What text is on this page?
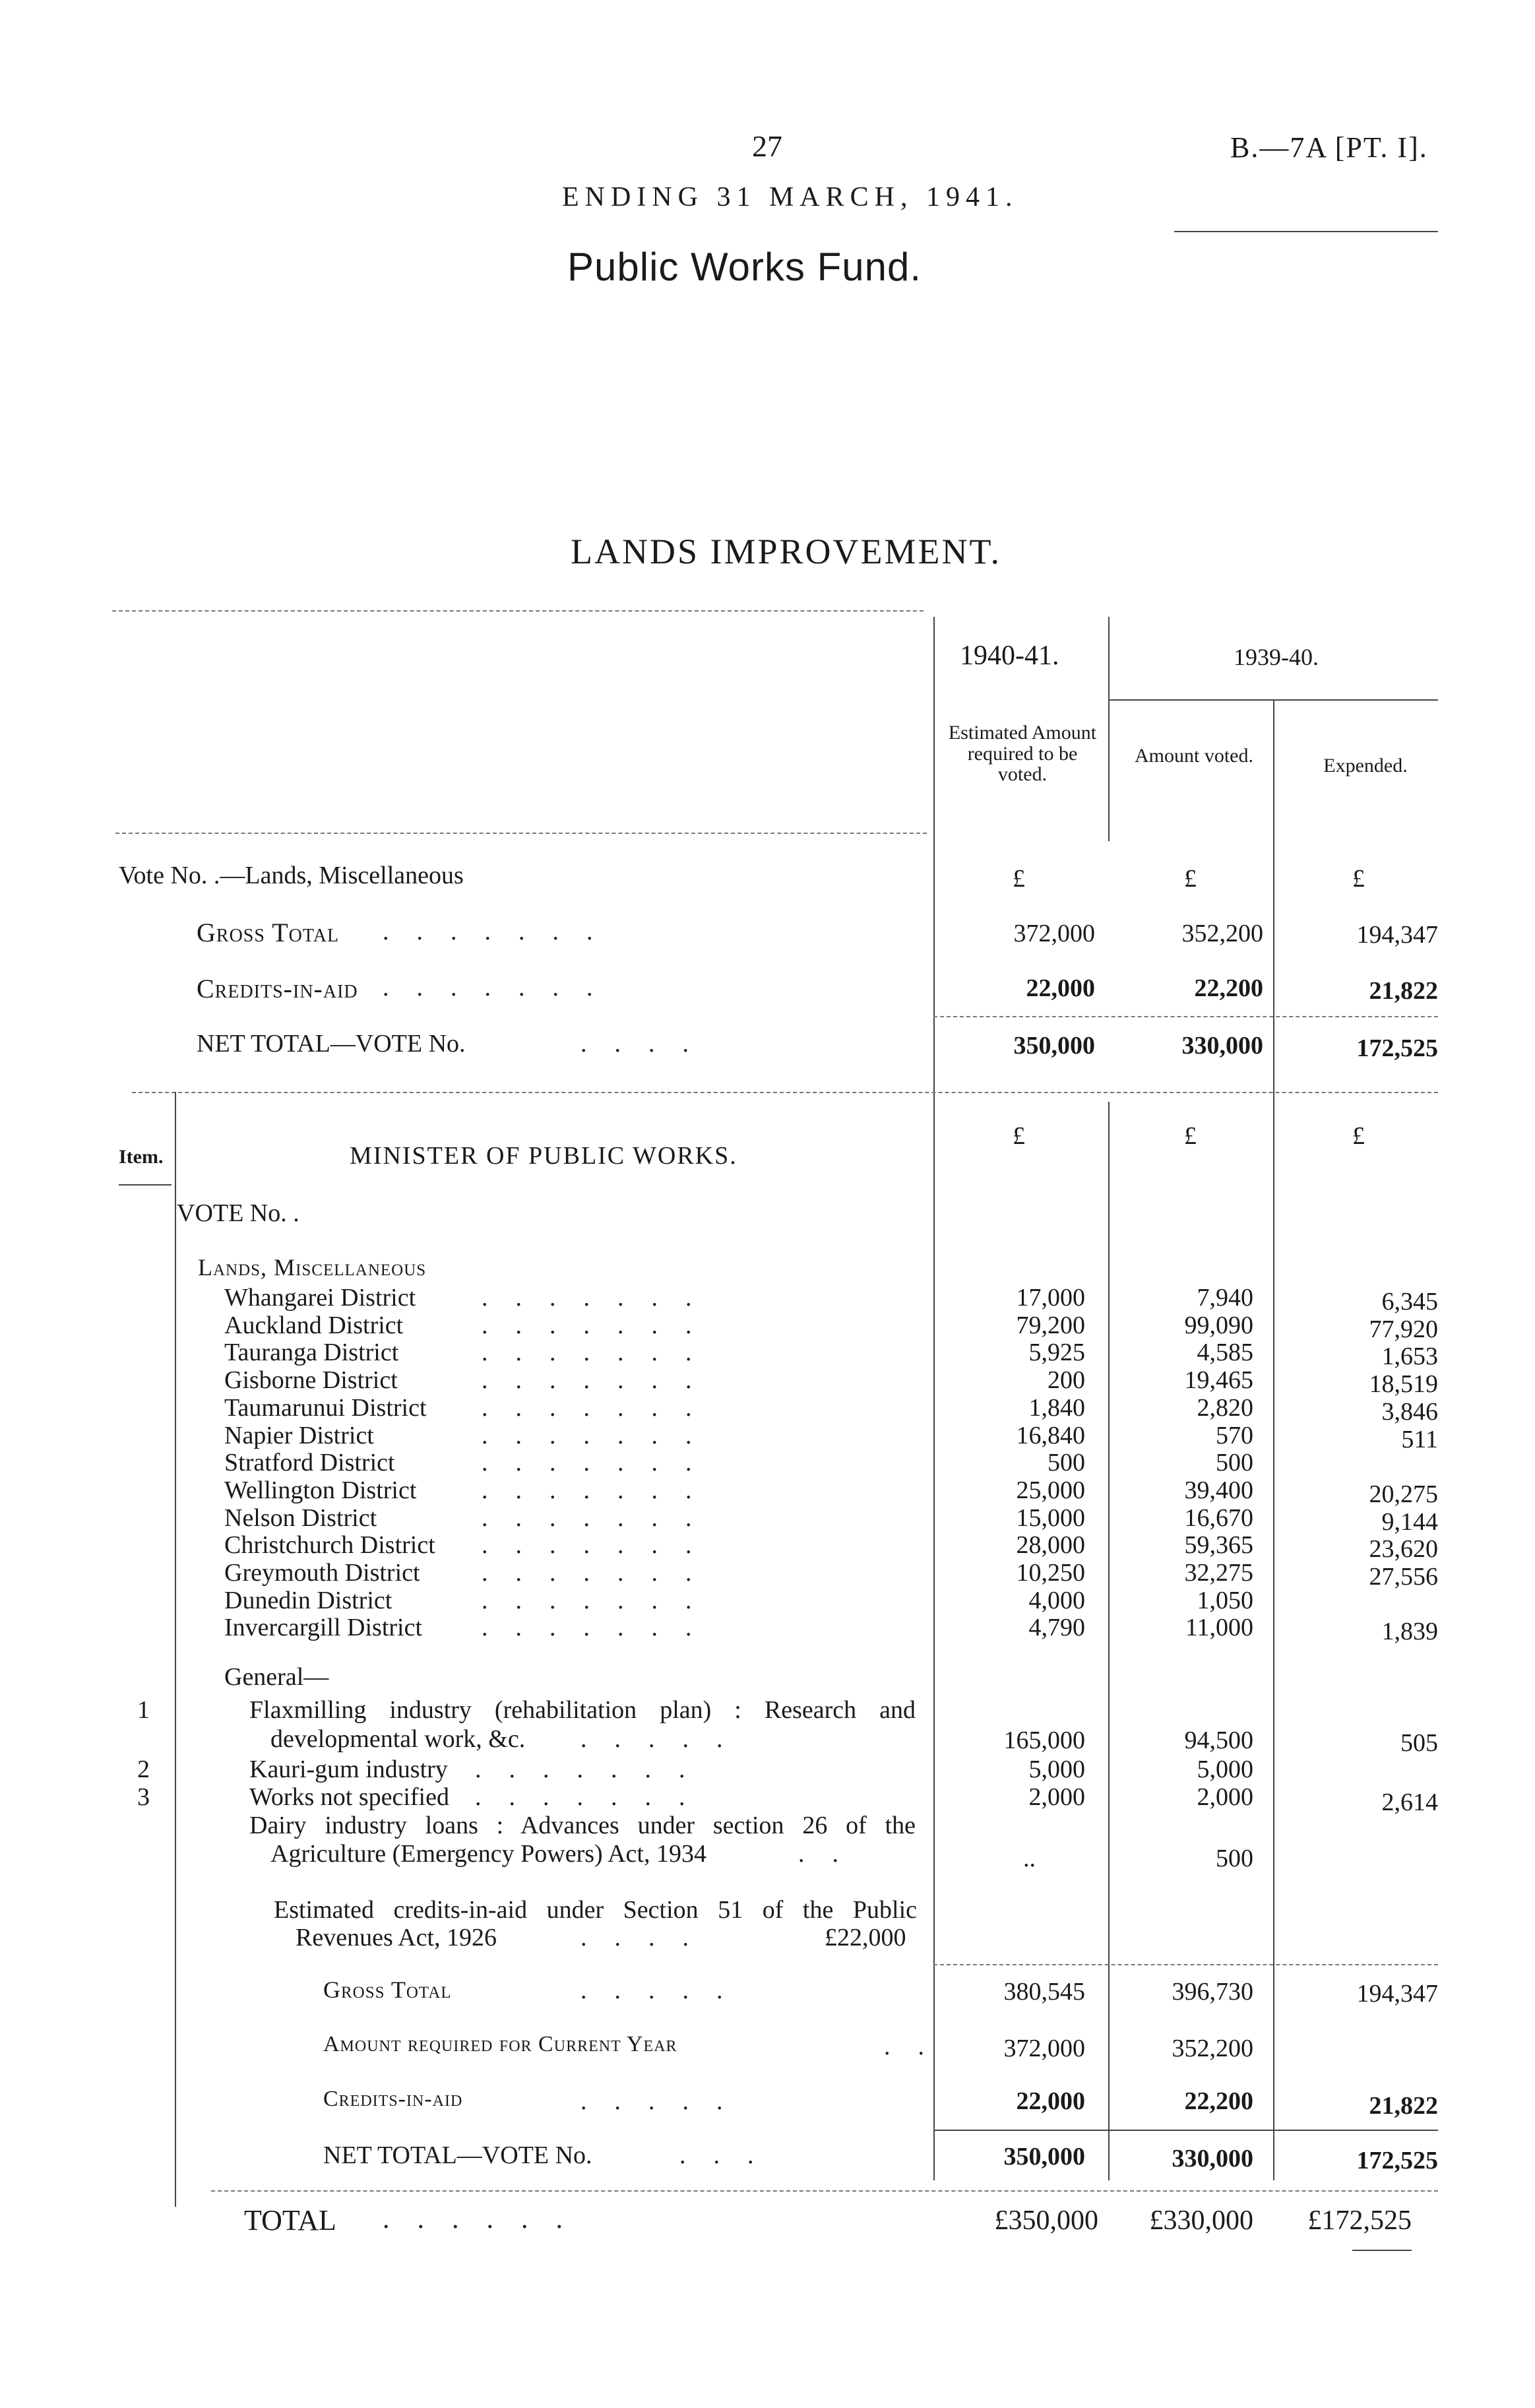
27	B.—7A [PT. I].
ENDING 31 MARCH, 1941.
Public Works Fund.
LANDS IMPROVEMENT.
1940-41.	1939-40.
Estimated Amount required to be voted.
Amount voted.	Expended.
Vote No. .—Lands, Miscellaneous	£	£	£
Gross Total .......	372,000	352,200	194,347
Credits-in-aid .......	22,000	22,200	21,822
NET TOTAL—VOTE No.	....	350,000	330,000	172,525
Item.	MINISTER OF PUBLIC WORKS.
£	£	£
VOTE No. .
Lands, Miscellaneous
Whangarei District	.......	17,000	7,940	6,345
Auckland District	.......	79,200	99,090	77,920
Tauranga District	.......	5,925	4,585	1,653
Gisborne District	.......	200	19,465	18,519
Taumarunui District .......	1,840	2,820	3,846
Napier District	.......	16,840	570	511
Stratford District	.......	500	500
Wellington District	.......	25,000	39,400	20,275
Nelson District	.......	15,000	16,670	9,144
Christchurch District .......	28,000	59,365	23,620
Greymouth District .......	10,250	32,275	27,556
Dunedin District	.......	4,000	1,050
Invercargill District .......	4,790	11,000	1,839
General—
1	Flaxmilling industry (rehabilitation plan) : Research and
developmental work, &c. .....	165,000	94,500	505
2	Kauri-gum industry .......	5,000	5,000
3	Works not specified .......	2,000	2,000	2,614
Dairy industry loans : Advances under section 26 of the
Agriculture (Emergency Powers) Act, 1934	..	..	500
Estimated credits-in-aid under Section 51 of the Public
Revenues Act, 1926	....	£22,000
Gross Total	.....	380,545	396,730	194,347
Amount required for Current Year	..	372,000	352,200
Credits-in-aid	.....	22,000	22,200	21,822
NET TOTAL—VOTE No.	...	350,000	330,000	172,525
TOTAL ......	£350,000	£330,000	£172,525
